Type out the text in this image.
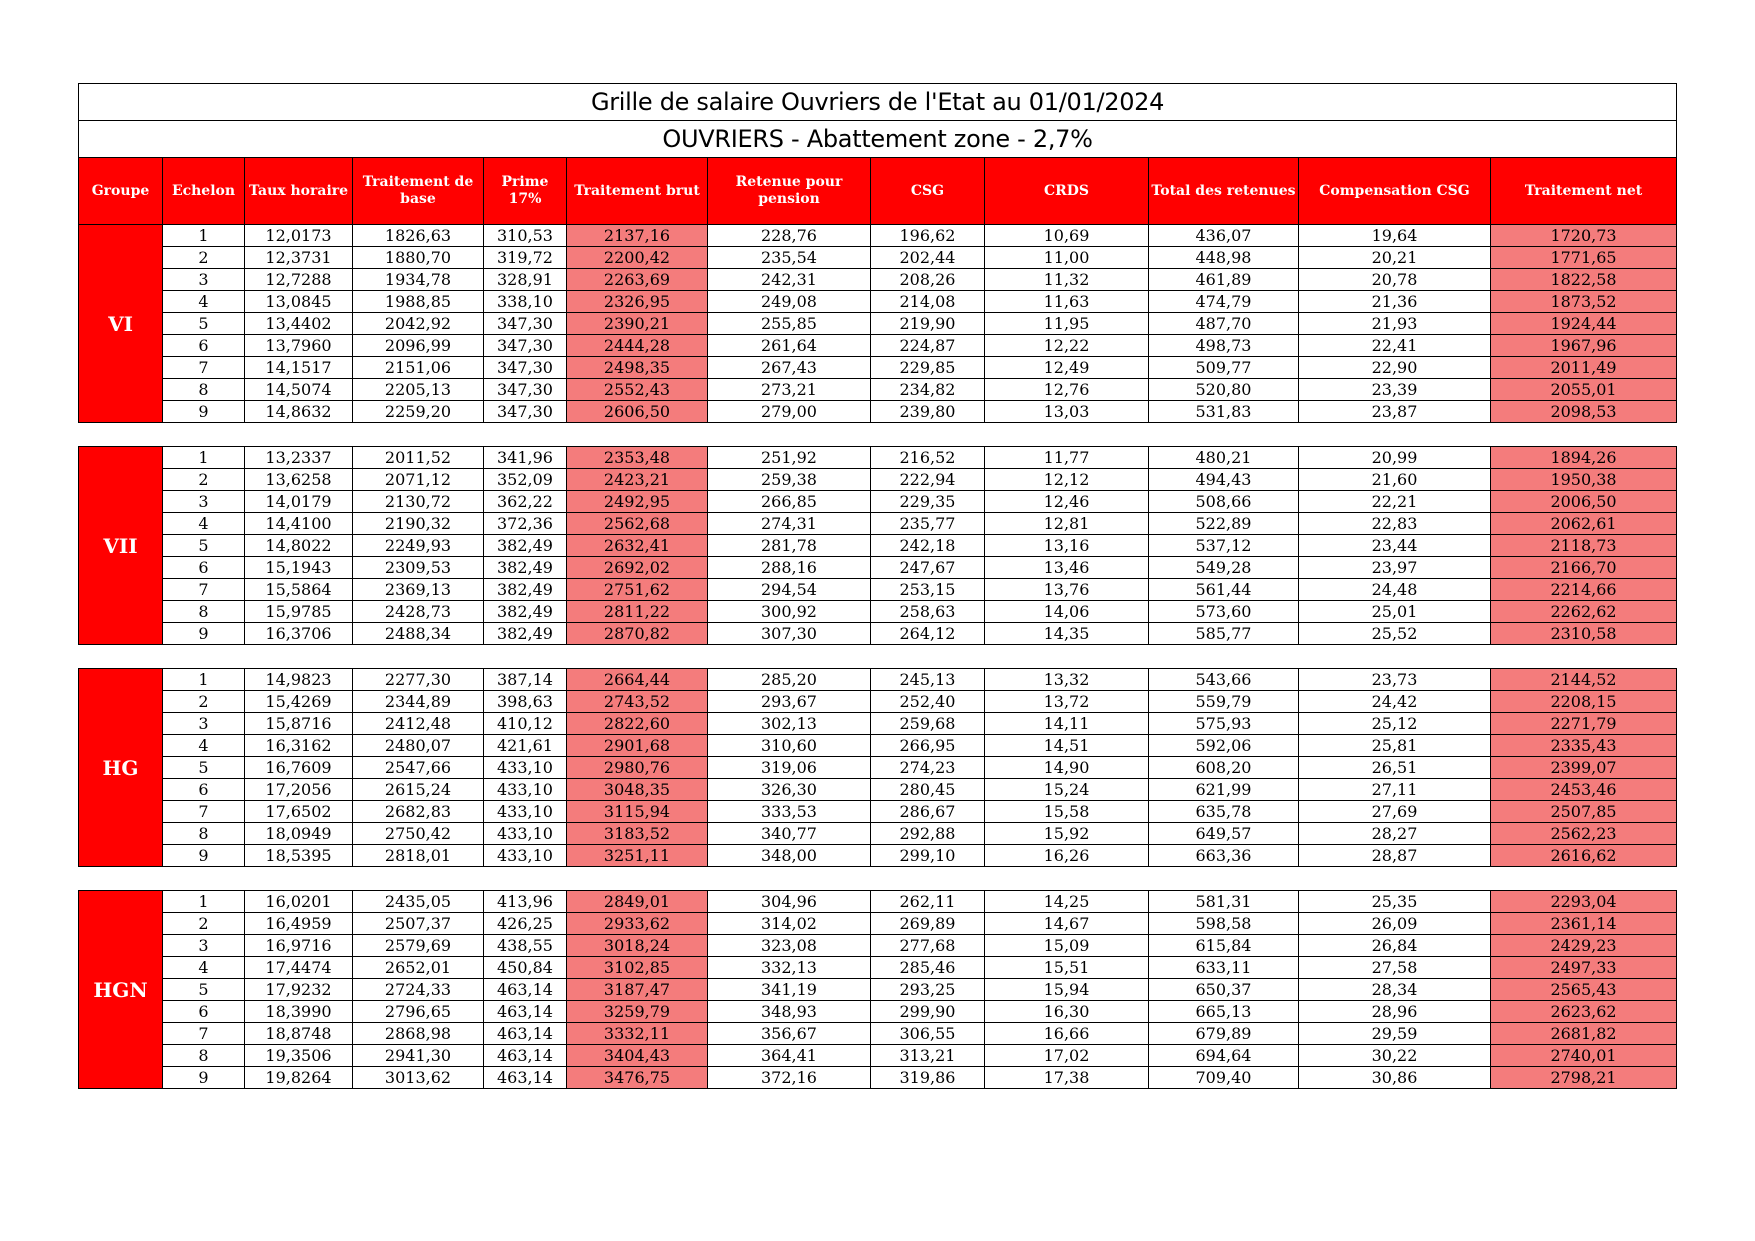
Grille de salaire Ouvriers de l'Etat au 01/01/2024											
OUVRIERS - Abattement zone - 2,7%											
Groupe	Echelon	Taux horaire	Traitement de base	Prime 17%	Traitement brut	Retenue pour pension	CSG	CRDS	Total des retenues	Compensation CSG	Traitement net
VI	1	12,0173	1826,63	310,53	2137,16	228,76	196,62	10,69	436,07	19,64	1720,73
	2	12,3731	1880,70	319,72	2200,42	235,54	202,44	11,00	448,98	20,21	1771,65
	3	12,7288	1934,78	328,91	2263,69	242,31	208,26	11,32	461,89	20,78	1822,58
	4	13,0845	1988,85	338,10	2326,95	249,08	214,08	11,63	474,79	21,36	1873,52
	5	13,4402	2042,92	347,30	2390,21	255,85	219,90	11,95	487,70	21,93	1924,44
	6	13,7960	2096,99	347,30	2444,28	261,64	224,87	12,22	498,73	22,41	1967,96
	7	14,1517	2151,06	347,30	2498,35	267,43	229,85	12,49	509,77	22,90	2011,49
	8	14,5074	2205,13	347,30	2552,43	273,21	234,82	12,76	520,80	23,39	2055,01
	9	14,8632	2259,20	347,30	2606,50	279,00	239,80	13,03	531,83	23,87	2098,53

VII	1	13,2337	2011,52	341,96	2353,48	251,92	216,52	11,77	480,21	20,99	1894,26
	2	13,6258	2071,12	352,09	2423,21	259,38	222,94	12,12	494,43	21,60	1950,38
	3	14,0179	2130,72	362,22	2492,95	266,85	229,35	12,46	508,66	22,21	2006,50
	4	14,4100	2190,32	372,36	2562,68	274,31	235,77	12,81	522,89	22,83	2062,61
	5	14,8022	2249,93	382,49	2632,41	281,78	242,18	13,16	537,12	23,44	2118,73
	6	15,1943	2309,53	382,49	2692,02	288,16	247,67	13,46	549,28	23,97	2166,70
	7	15,5864	2369,13	382,49	2751,62	294,54	253,15	13,76	561,44	24,48	2214,66
	8	15,9785	2428,73	382,49	2811,22	300,92	258,63	14,06	573,60	25,01	2262,62
	9	16,3706	2488,34	382,49	2870,82	307,30	264,12	14,35	585,77	25,52	2310,58

HG	1	14,9823	2277,30	387,14	2664,44	285,20	245,13	13,32	543,66	23,73	2144,52
	2	15,4269	2344,89	398,63	2743,52	293,67	252,40	13,72	559,79	24,42	2208,15
	3	15,8716	2412,48	410,12	2822,60	302,13	259,68	14,11	575,93	25,12	2271,79
	4	16,3162	2480,07	421,61	2901,68	310,60	266,95	14,51	592,06	25,81	2335,43
	5	16,7609	2547,66	433,10	2980,76	319,06	274,23	14,90	608,20	26,51	2399,07
	6	17,2056	2615,24	433,10	3048,35	326,30	280,45	15,24	621,99	27,11	2453,46
	7	17,6502	2682,83	433,10	3115,94	333,53	286,67	15,58	635,78	27,69	2507,85
	8	18,0949	2750,42	433,10	3183,52	340,77	292,88	15,92	649,57	28,27	2562,23
	9	18,5395	2818,01	433,10	3251,11	348,00	299,10	16,26	663,36	28,87	2616,62

HGN	1	16,0201	2435,05	413,96	2849,01	304,96	262,11	14,25	581,31	25,35	2293,04
	2	16,4959	2507,37	426,25	2933,62	314,02	269,89	14,67	598,58	26,09	2361,14
	3	16,9716	2579,69	438,55	3018,24	323,08	277,68	15,09	615,84	26,84	2429,23
	4	17,4474	2652,01	450,84	3102,85	332,13	285,46	15,51	633,11	27,58	2497,33
	5	17,9232	2724,33	463,14	3187,47	341,19	293,25	15,94	650,37	28,34	2565,43
	6	18,3990	2796,65	463,14	3259,79	348,93	299,90	16,30	665,13	28,96	2623,62
	7	18,8748	2868,98	463,14	3332,11	356,67	306,55	16,66	679,89	29,59	2681,82
	8	19,3506	2941,30	463,14	3404,43	364,41	313,21	17,02	694,64	30,22	2740,01
	9	19,8264	3013,62	463,14	3476,75	372,16	319,86	17,38	709,40	30,86	2798,21
